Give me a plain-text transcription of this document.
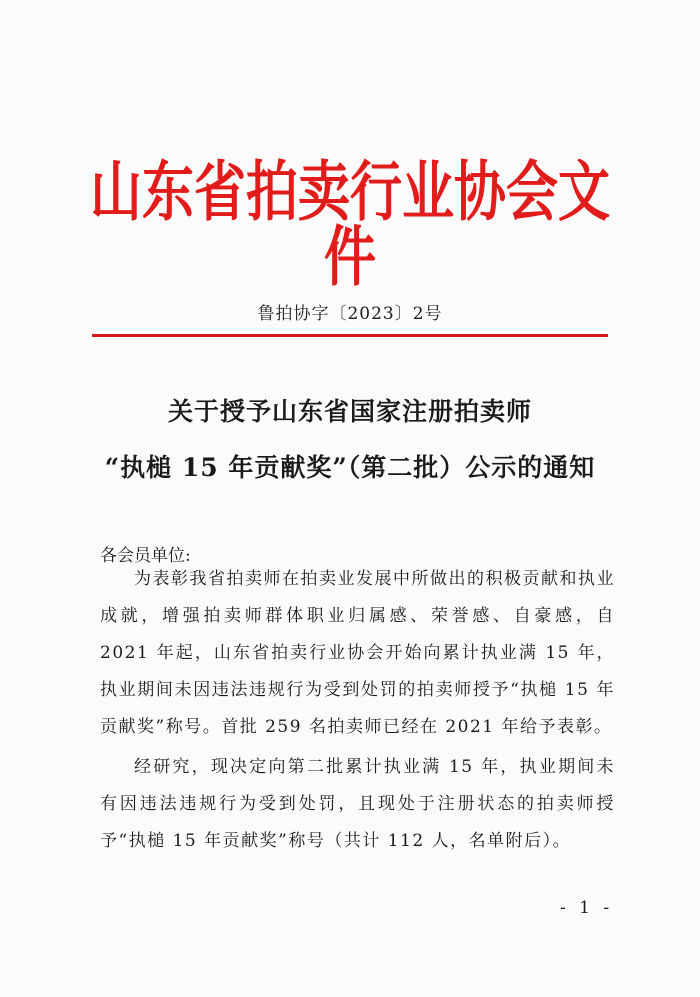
山东省拍卖行业协会文件
鲁拍协字〔2023〕2号
关于授予山东省国家注册拍卖师
“执槌 15 年贡献奖”（第二批）公示的通知
各会员单位:
为表彰我省拍卖师在拍卖业发展中所做出的积极贡献和执业成就，增强拍卖师群体职业归属感、荣誉感、自豪感，自 2021 年起，山东省拍卖行业协会开始向累计执业满 15 年，执业期间未因违法违规行为受到处罚的拍卖师授予“执槌 15 年贡献奖”称号。首批 259 名拍卖师已经在 2021 年给予表彰。
经研究，现决定向第二批累计执业满 15 年，执业期间未有因违法违规行为受到处罚，且现处于注册状态的拍卖师授予“执槌 15 年贡献奖”称号（共计 112 人，名单附后）。
- 1 -
